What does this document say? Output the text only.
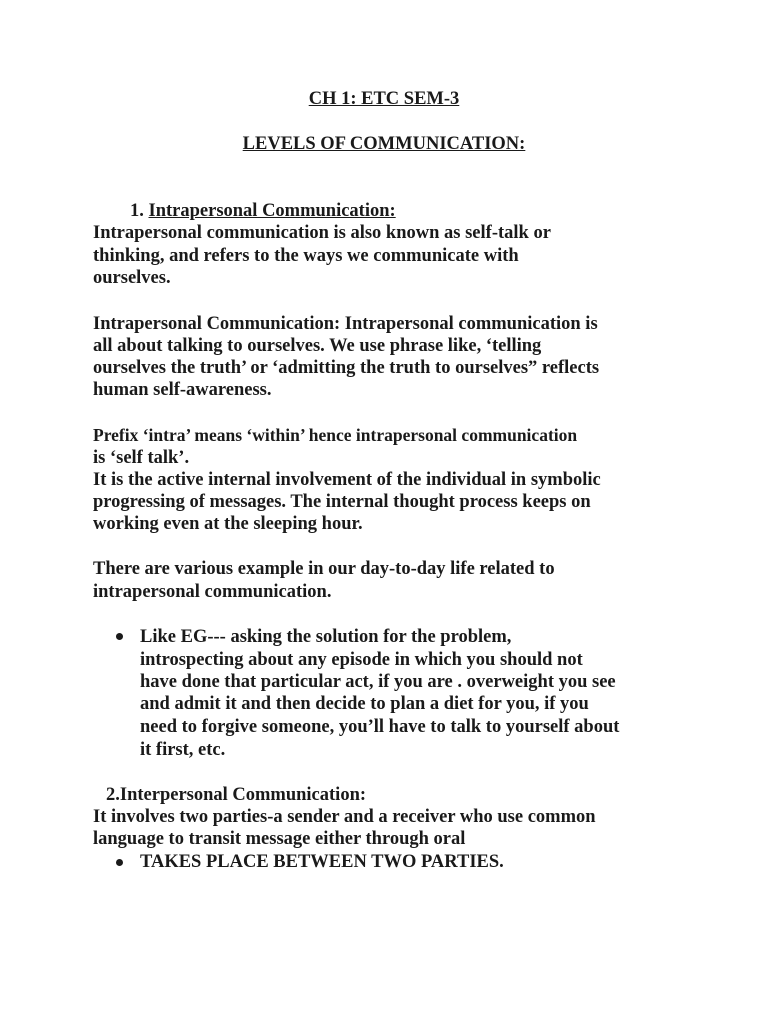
CH 1: ETC SEM-3
LEVELS OF COMMUNICATION:
1. Intrapersonal Communication:
Intrapersonal communication is also known as self-talk or
thinking, and refers to the ways we communicate with
ourselves.
Intrapersonal Communication: Intrapersonal communication is
all about talking to ourselves. We use phrase like, ‘telling
ourselves the truth’ or ‘admitting the truth to ourselves” reflects
human self-awareness.
Prefix ‘intra’ means ‘within’ hence intrapersonal communication
is ‘self talk’.
It is the active internal involvement of the individual in symbolic
progressing of messages. The internal thought process keeps on
working even at the sleeping hour.
There are various example in our day-to-day life related to
intrapersonal communication.
Like EG--- asking the solution for the problem,
introspecting about any episode in which you should not
have done that particular act, if you are . overweight you see
and admit it and then decide to plan a diet for you, if you
need to forgive someone, you’ll have to talk to yourself about
it first, etc.
2.Interpersonal Communication:
It involves two parties-a sender and a receiver who use common
language to transit message either through oral
TAKES PLACE BETWEEN TWO PARTIES.
